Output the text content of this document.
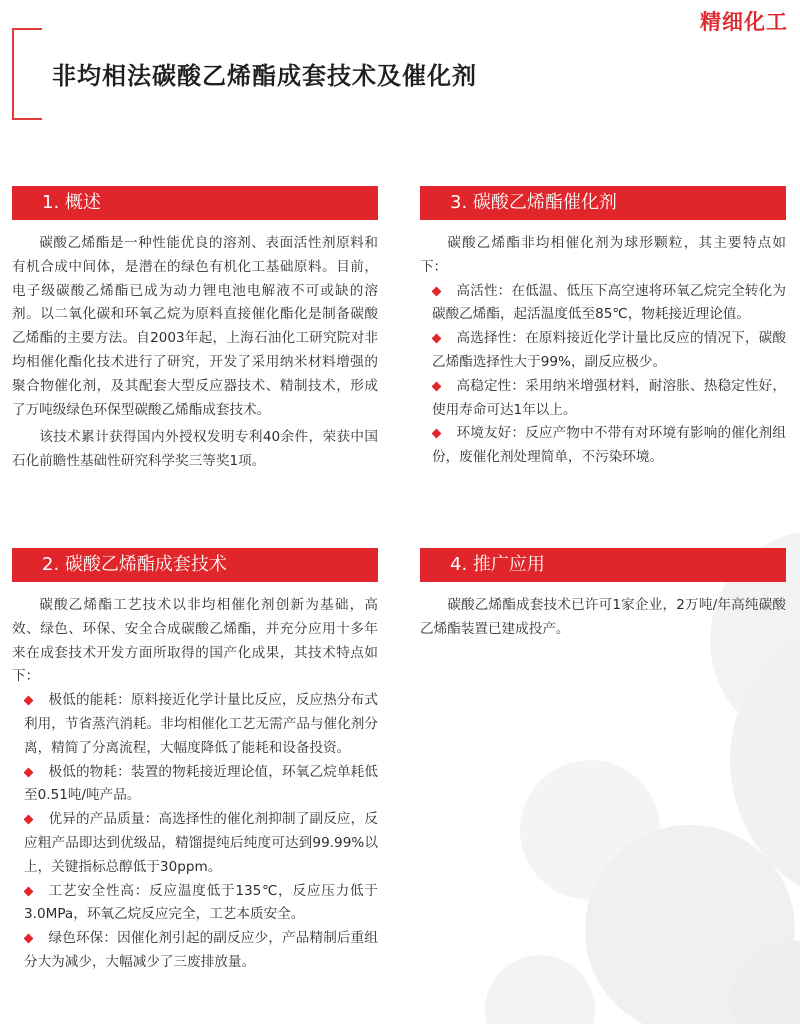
精细化工
非均相法碳酸乙烯酯成套技术及催化剂
1. 概述

碳酸乙烯酯是一种性能优良的溶剂、表面活性剂原料和有机合成中间体，是潜在的绿色有机化工基础原料。目前，电子级碳酸乙烯酯已成为动力锂电池电解液不可或缺的溶剂。以二氧化碳和环氧乙烷为原料直接催化酯化是制备碳酸乙烯酯的主要方法。自2003年起，上海石油化工研究院对非均相催化酯化技术进行了研究，开发了采用纳米材料增强的聚合物催化剂，及其配套大型反应器技术、精制技术，形成了万吨级绿色环保型碳酸乙烯酯成套技术。

该技术累计获得国内外授权发明专利40余件，荣获中国石化前瞻性基础性研究科学奖三等奖1项。

2. 碳酸乙烯酯成套技术

碳酸乙烯酯工艺技术以非均相催化剂创新为基础，高效、绿色、环保、安全合成碳酸乙烯酯，并充分应用十多年来在成套技术开发方面所取得的国产化成果，其技术特点如下：

极低的能耗：原料接近化学计量比反应，反应热分布式利用，节省蒸汽消耗。非均相催化工艺无需产品与催化剂分离，精简了分离流程，大幅度降低了能耗和设备投资。

极低的物耗：装置的物耗接近理论值，环氧乙烷单耗低至0.51吨/吨产品。

优异的产品质量：高选择性的催化剂抑制了副反应，反应粗产品即达到优级品，精馏提纯后纯度可达到99.99%以上，关键指标总醇低于30ppm。

工艺安全性高：反应温度低于135℃，反应压力低于3.0MPa，环氧乙烷反应完全，工艺本质安全。

绿色环保：因催化剂引起的副反应少，产品精制后重组分大为减少，大幅减少了三废排放量。

3. 碳酸乙烯酯催化剂

碳酸乙烯酯非均相催化剂为球形颗粒，其主要特点如下：

高活性：在低温、低压下高空速将环氧乙烷完全转化为碳酸乙烯酯，起活温度低至85℃，物耗接近理论值。

高选择性：在原料接近化学计量比反应的情况下，碳酸乙烯酯选择性大于99%，副反应极少。

高稳定性：采用纳米增强材料，耐溶胀、热稳定性好，使用寿命可达1年以上。

环境友好：反应产物中不带有对环境有影响的催化剂组份，废催化剂处理简单，不污染环境。

4. 推广应用

碳酸乙烯酯成套技术已许可1家企业，2万吨/年高纯碳酸乙烯酯装置已建成投产。
